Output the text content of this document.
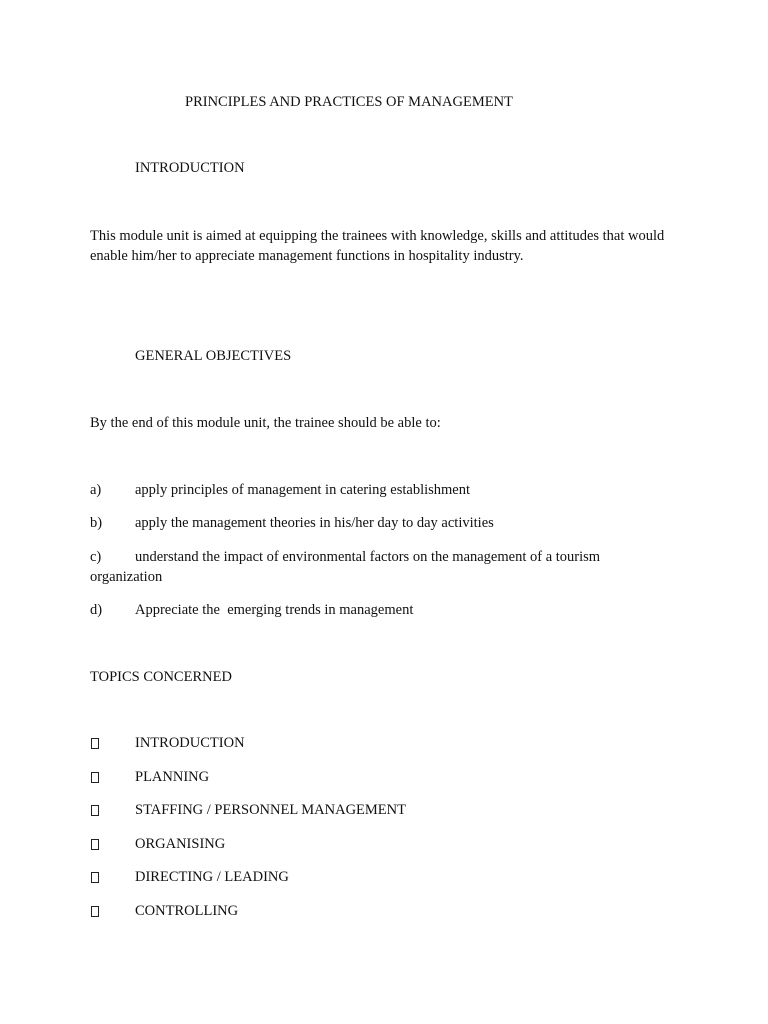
PRINCIPLES AND PRACTICES OF MANAGEMENT
INTRODUCTION
This module unit is aimed at equipping the trainees with knowledge, skills and attitudes that would enable him/her to appreciate management functions in hospitality industry.
GENERAL OBJECTIVES
By the end of this module unit, the trainee should be able to:
a) apply principles of management in catering establishment
b) apply the management theories in his/her day to day activities
c) understand the impact of environmental factors on the management of a tourism organization
d) Appreciate the  emerging trends in management
TOPICS CONCERNED
INTRODUCTION
PLANNING
STAFFING / PERSONNEL MANAGEMENT
ORGANISING
DIRECTING / LEADING
CONTROLLING
